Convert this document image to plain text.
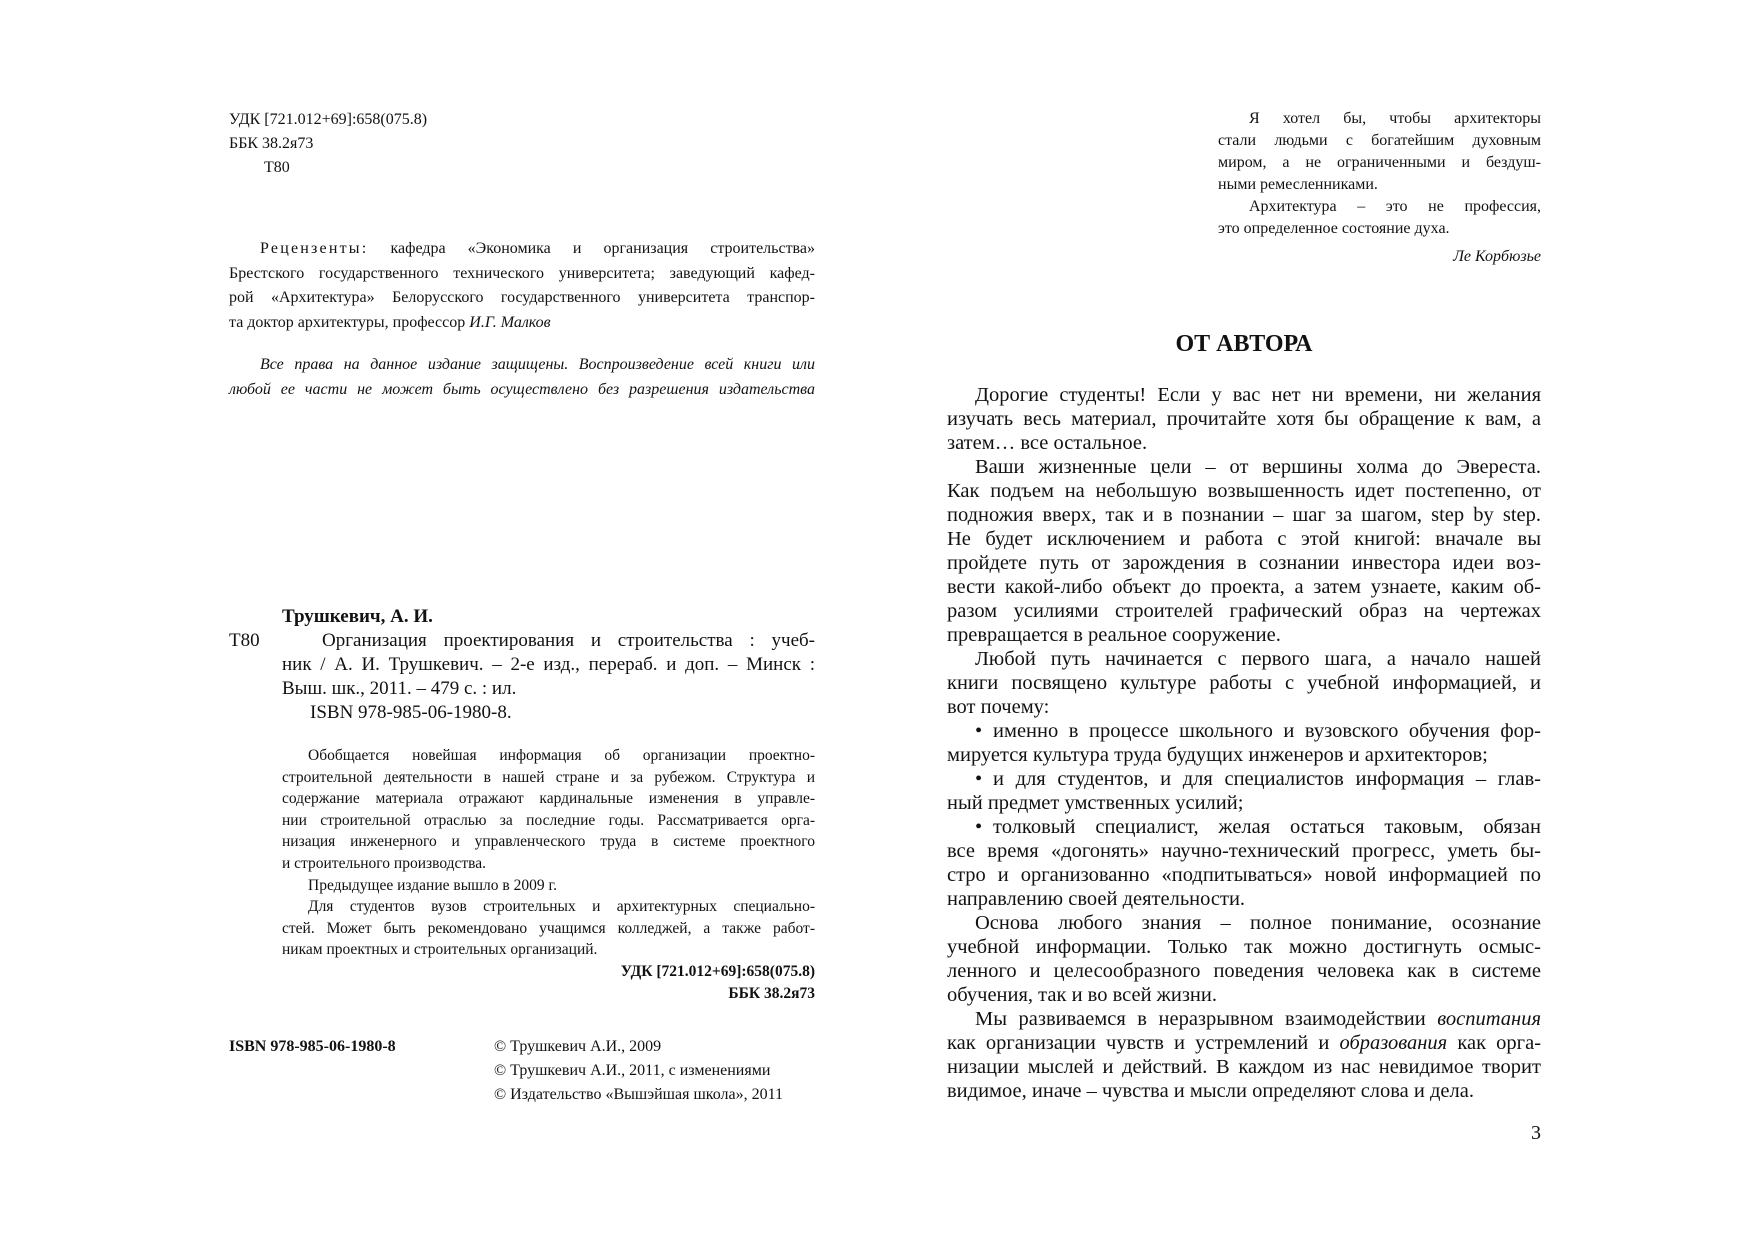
УДК [721.012+69]:658(075.8)
ББК 38.2я73
Т80
Рецензенты: кафедра «Экономика и организация строительства»
Брестского государственного технического университета; заведующий кафед-
рой «Архитектура» Белорусского государственного университета транспор-
та доктор архитектуры, профессор И.Г. Малков
Все права на данное издание защищены. Воспроизведение всей книги или
любой ее части не может быть осуществлено без разрешения издательства
Трушкевич, А. И.
Т80	Организация проектирования и строительства : учеб-
ник / А. И. Трушкевич. – 2-е изд., перераб. и доп. – Минск :
Выш. шк., 2011. – 479 с. : ил.
ISBN 978-985-06-1980-8.
Обобщается новейшая информация об организации проектно-
строительной деятельности в нашей стране и за рубежом. Структура и
содержание материала отражают кардинальные изменения в управле-
нии строительной отраслью за последние годы. Рассматривается орга-
низация инженерного и управленческого труда в системе проектного
и строительного производства.
Предыдущее издание вышло в 2009 г.
Для студентов вузов строительных и архитектурных специально-
стей. Может быть рекомендовано учащимся колледжей, а также работ-
никам проектных и строительных организаций.
УДК [721.012+69]:658(075.8)
ББК 38.2я73
ISBN 978-985-06-1980-8	© Трушкевич А.И., 2009
© Трушкевич А.И., 2011, с изменениями
© Издательство «Вышэйшая школа», 2011
Я хотел бы, чтобы архитекторы
стали людьми с богатейшим духовным
миром, а не ограниченными и бездуш-
ными ремесленниками.
Архитектура – это не профессия,
это определенное состояние духа.
Ле Корбюзье
ОТ АВТОРА
Дорогие студенты! Если у вас нет ни времени, ни желания
изучать весь материал, прочитайте хотя бы обращение к вам, а
затем… все остальное.
Ваши жизненные цели – от вершины холма до Эвереста.
Как подъем на небольшую возвышенность идет постепенно, от
подножия вверх, так и в познании – шаг за шагом, step by step.
Не будет исключением и работа с этой книгой: вначале вы
пройдете путь от зарождения в сознании инвестора идеи воз-
вести какой-либо объект до проекта, а затем узнаете, каким об-
разом усилиями строителей графический образ на чертежах
превращается в реальное сооружение.
Любой путь начинается с первого шага, а начало нашей
книги посвящено культуре работы с учебной информацией, и
вот почему:
• именно в процессе школьного и вузовского обучения фор-
мируется культура труда будущих инженеров и архитекторов;
• и для студентов, и для специалистов информация – глав-
ный предмет умственных усилий;
• толковый специалист, желая остаться таковым, обязан
все время «догонять» научно-технический прогресс, уметь бы-
стро и организованно «подпитываться» новой информацией по
направлению своей деятельности.
Основа любого знания – полное понимание, осознание
учебной информации. Только так можно достигнуть осмыс-
ленного и целесообразного поведения человека как в системе
обучения, так и во всей жизни.
Мы развиваемся в неразрывном взаимодействии воспитания
как организации чувств и устремлений и образования как орга-
низации мыслей и действий. В каждом из нас невидимое творит
видимое, иначе – чувства и мысли определяют слова и дела.
3
